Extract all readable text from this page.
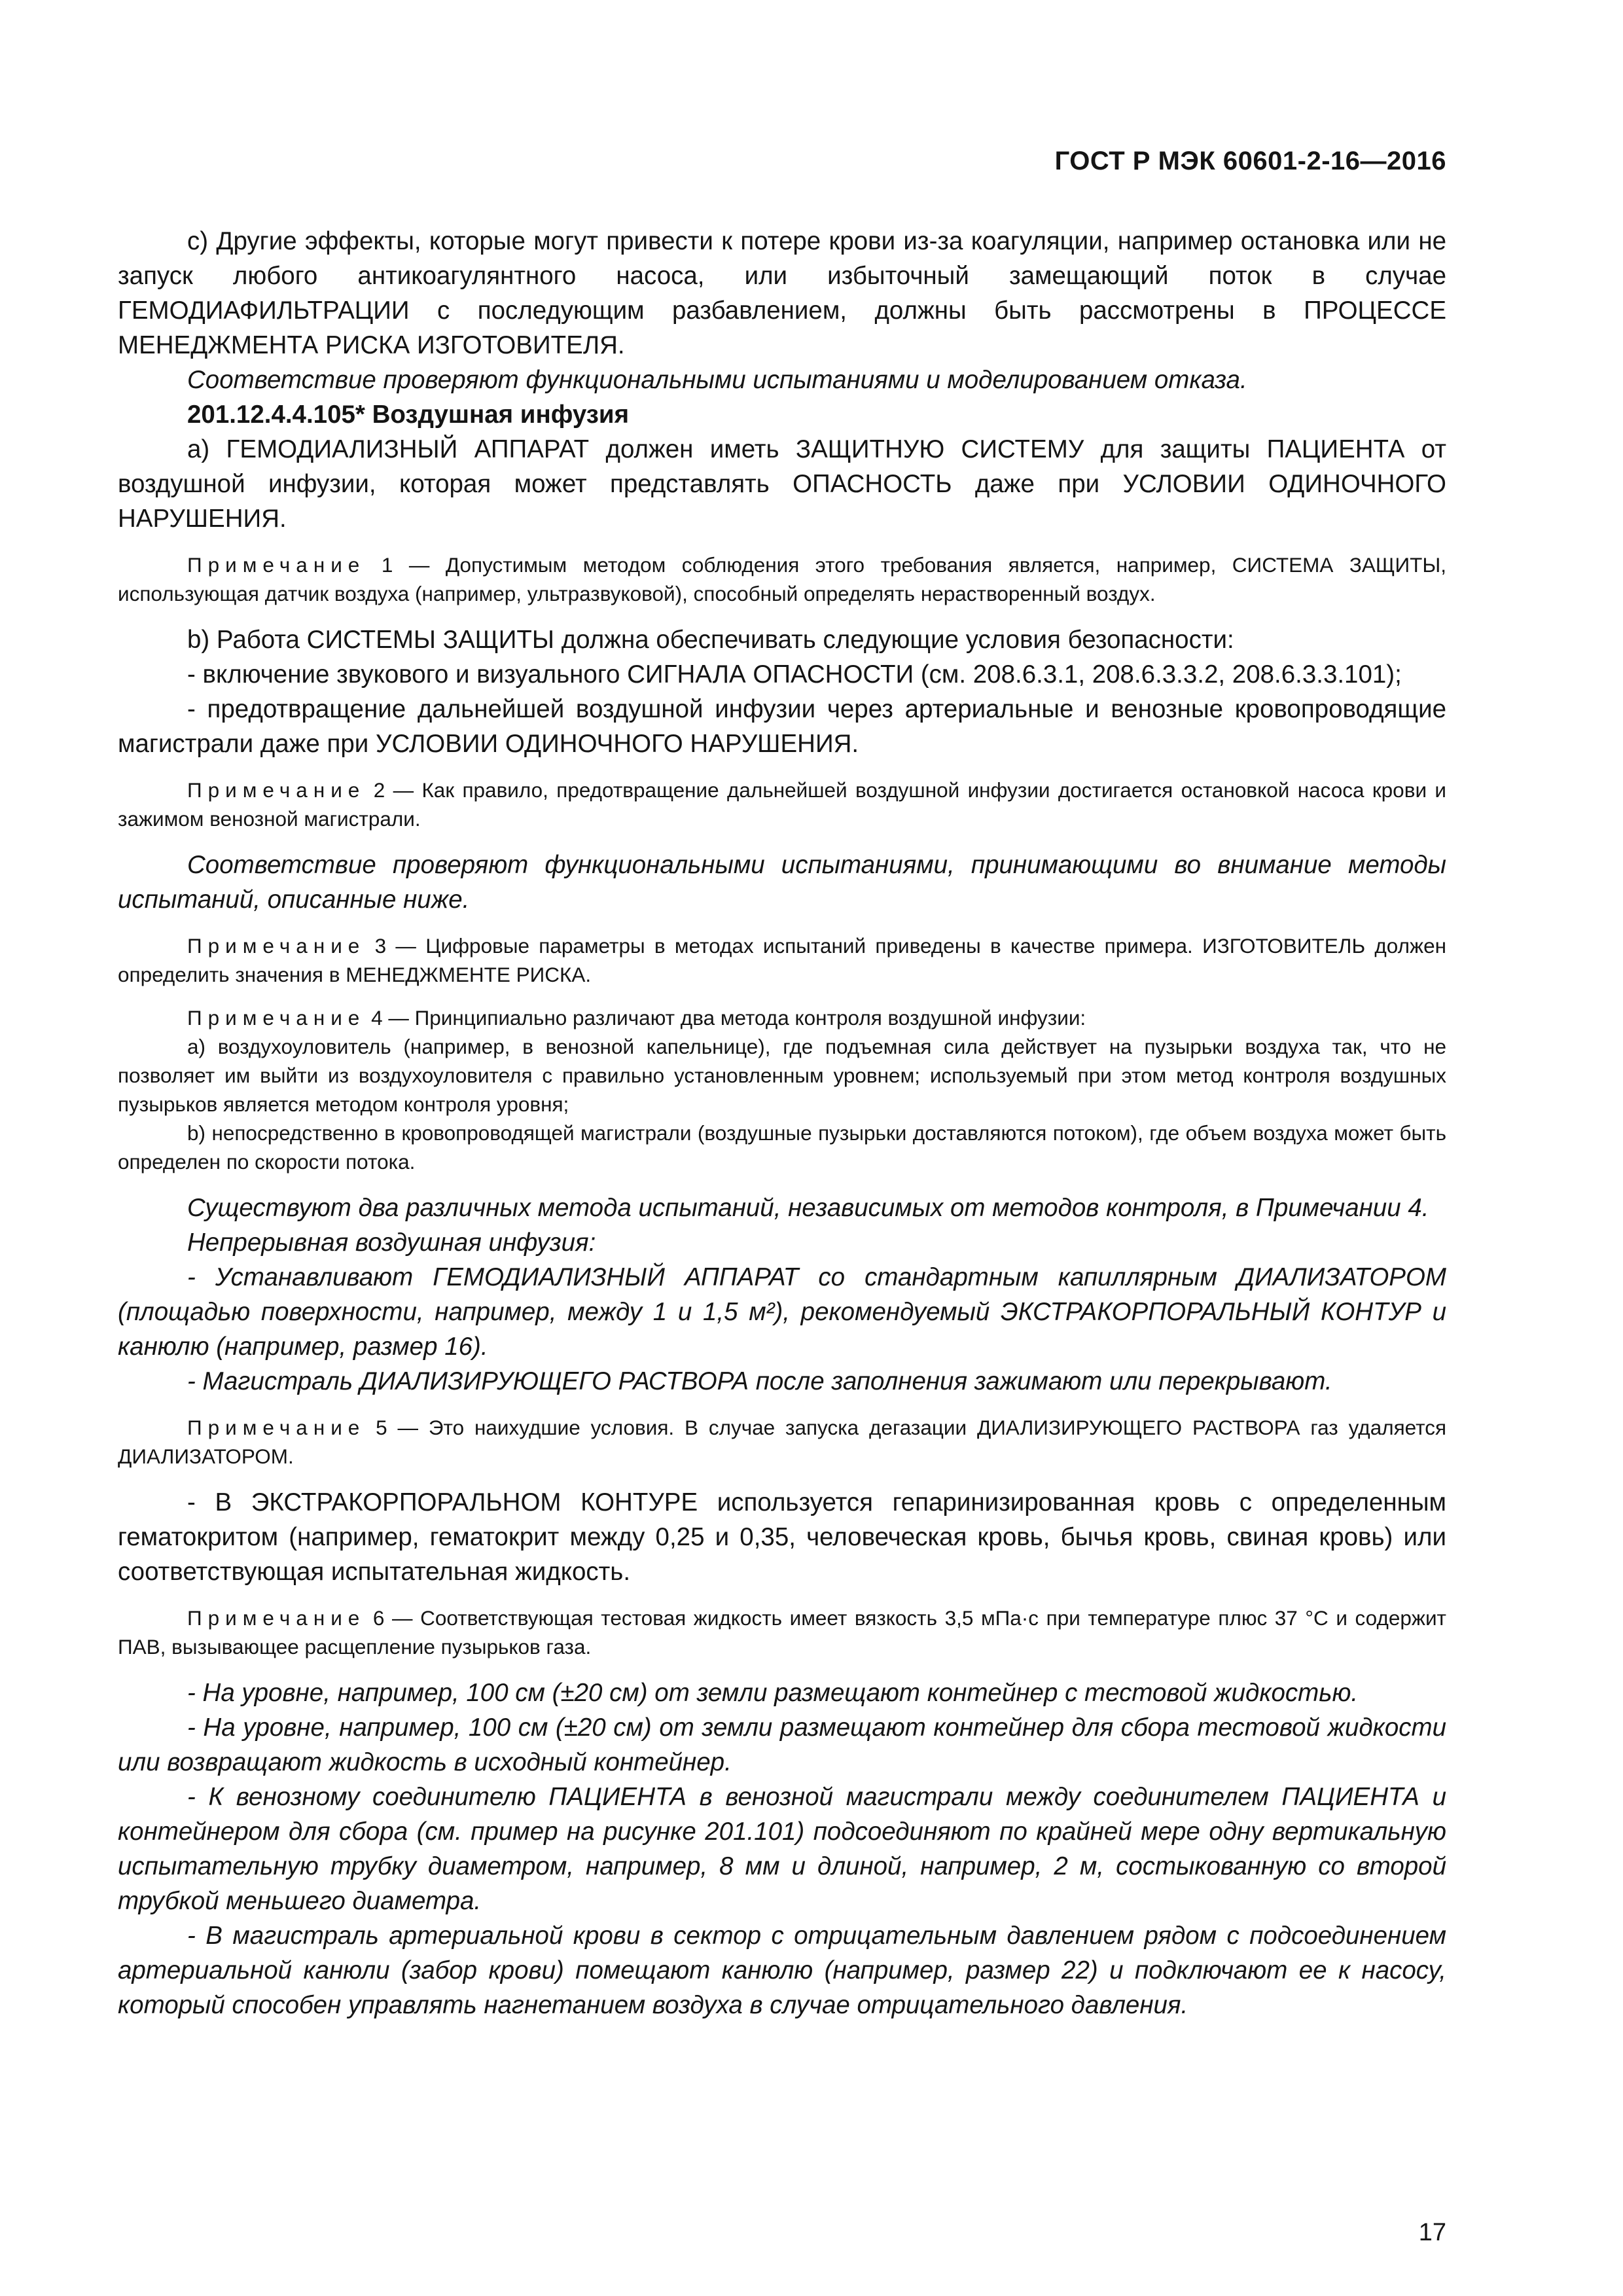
ГОСТ Р МЭК 60601-2-16—2016

с) Другие эффекты, которые могут привести к потере крови из-за коагуляции, например остановка или не запуск любого антикоагулянтного насоса, или избыточный замещающий поток в случае ГЕМОДИАФИЛЬТРАЦИИ с последующим разбавлением, должны быть рассмотрены в ПРОЦЕССЕ МЕНЕДЖМЕНТА РИСКА ИЗГОТОВИТЕЛЯ.

Соответствие проверяют функциональными испытаниями и моделированием отказа.

201.12.4.4.105* Воздушная инфузия

а) ГЕМОДИАЛИЗНЫЙ АППАРАТ должен иметь ЗАЩИТНУЮ СИСТЕМУ для защиты ПАЦИЕНТА от воздушной инфузии, которая может представлять ОПАСНОСТЬ даже при УСЛОВИИ ОДИНОЧНОГО НАРУШЕНИЯ.

Примечание 1 — Допустимым методом соблюдения этого требования является, например, СИСТЕМА ЗАЩИТЫ, использующая датчик воздуха (например, ультразвуковой), способный определять нерастворенный воздух.

b) Работа СИСТЕМЫ ЗАЩИТЫ должна обеспечивать следующие условия безопасности:

- включение звукового и визуального СИГНАЛА ОПАСНОСТИ (см. 208.6.3.1, 208.6.3.3.2, 208.6.3.3.101);

- предотвращение дальнейшей воздушной инфузии через артериальные и венозные кровопроводящие магистрали даже при УСЛОВИИ ОДИНОЧНОГО НАРУШЕНИЯ.

Примечание 2 — Как правило, предотвращение дальнейшей воздушной инфузии достигается остановкой насоса крови и зажимом венозной магистрали.

Соответствие проверяют функциональными испытаниями, принимающими во внимание методы испытаний, описанные ниже.

Примечание 3 — Цифровые параметры в методах испытаний приведены в качестве примера. ИЗГОТОВИТЕЛЬ должен определить значения в МЕНЕДЖМЕНТЕ РИСКА.

Примечание 4 — Принципиально различают два метода контроля воздушной инфузии:

а) воздухоуловитель (например, в венозной капельнице), где подъемная сила действует на пузырьки воздуха так, что не позволяет им выйти из воздухоуловителя с правильно установленным уровнем; используемый при этом метод контроля воздушных пузырьков является методом контроля уровня;

b) непосредственно в кровопроводящей магистрали (воздушные пузырьки доставляются потоком), где объем воздуха может быть определен по скорости потока.

Существуют два различных метода испытаний, независимых от методов контроля, в Примечании 4.

Непрерывная воздушная инфузия:

- Устанавливают ГЕМОДИАЛИЗНЫЙ АППАРАТ со стандартным капиллярным ДИАЛИЗАТОРОМ (площадью поверхности, например, между 1 и 1,5 м²), рекомендуемый ЭКСТРАКОРПОРАЛЬНЫЙ КОНТУР и канюлю (например, размер 16).

- Магистраль ДИАЛИЗИРУЮЩЕГО РАСТВОРА после заполнения зажимают или перекрывают.

Примечание 5 — Это наихудшие условия. В случае запуска дегазации ДИАЛИЗИРУЮЩЕГО РАСТВОРА газ удаляется ДИАЛИЗАТОРОМ.

- В ЭКСТРАКОРПОРАЛЬНОМ КОНТУРЕ используется гепаринизированная кровь с определенным гематокритом (например, гематокрит между 0,25 и 0,35, человеческая кровь, бычья кровь, свиная кровь) или соответствующая испытательная жидкость.

Примечание 6 — Соответствующая тестовая жидкость имеет вязкость 3,5 мПа·с при температуре плюс 37 °С и содержит ПАВ, вызывающее расщепление пузырьков газа.

- На уровне, например, 100 см (±20 см) от земли размещают контейнер с тестовой жидкостью.

- На уровне, например, 100 см (±20 см) от земли размещают контейнер для сбора тестовой жидкости или возвращают жидкость в исходный контейнер.

- К венозному соединителю ПАЦИЕНТА в венозной магистрали между соединителем ПАЦИЕНТА и контейнером для сбора (см. пример на рисунке 201.101) подсоединяют по крайней мере одну вертикальную испытательную трубку диаметром, например, 8 мм и длиной, например, 2 м, состыкованную со второй трубкой меньшего диаметра.

- В магистраль артериальной крови в сектор с отрицательным давлением рядом с подсоединением артериальной канюли (забор крови) помещают канюлю (например, размер 22) и подключают ее к насосу, который способен управлять нагнетанием воздуха в случае отрицательного давления.

17
